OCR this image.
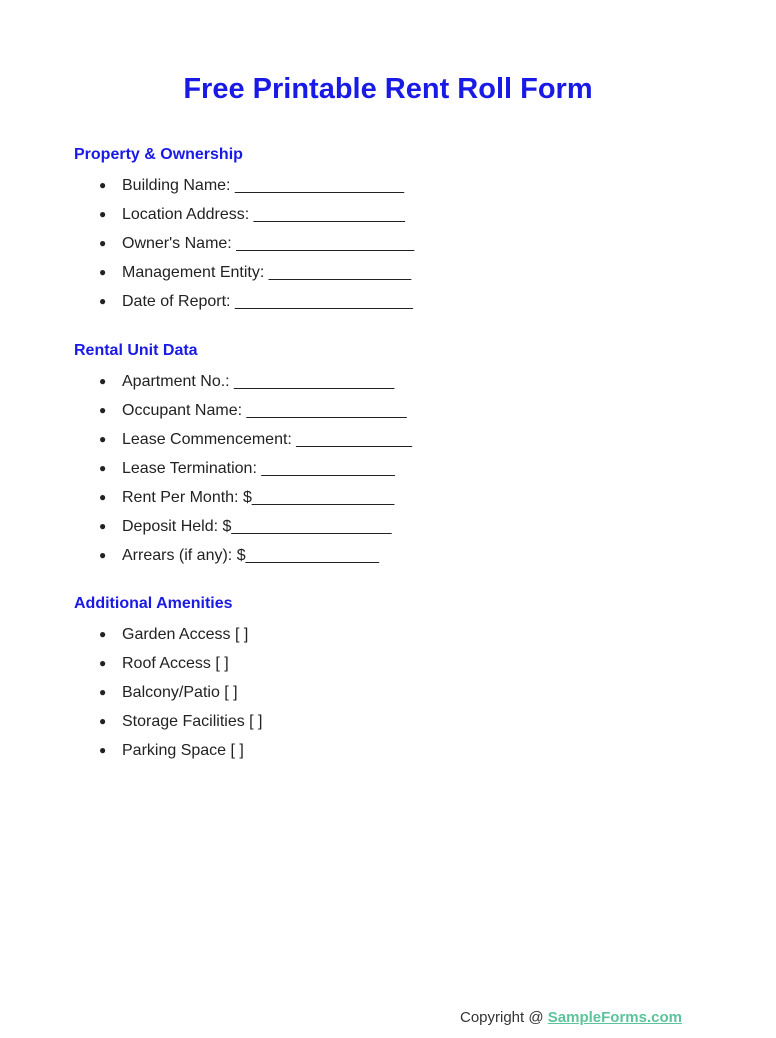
Free Printable Rent Roll Form
Property & Ownership
● Building Name: ___________________
● Location Address: _________________
● Owner's Name: ____________________
● Management Entity: ________________
● Date of Report: ____________________
Rental Unit Data
● Apartment No.: __________________
● Occupant Name: __________________
● Lease Commencement: _____________
● Lease Termination: _______________
● Rent Per Month: $________________
● Deposit Held: $__________________
● Arrears (if any): $_______________
Additional Amenities
● Garden Access [ ]
● Roof Access [ ]
● Balcony/Patio [ ]
● Storage Facilities [ ]
● Parking Space [ ]
Copyright @ SampleForms.com
